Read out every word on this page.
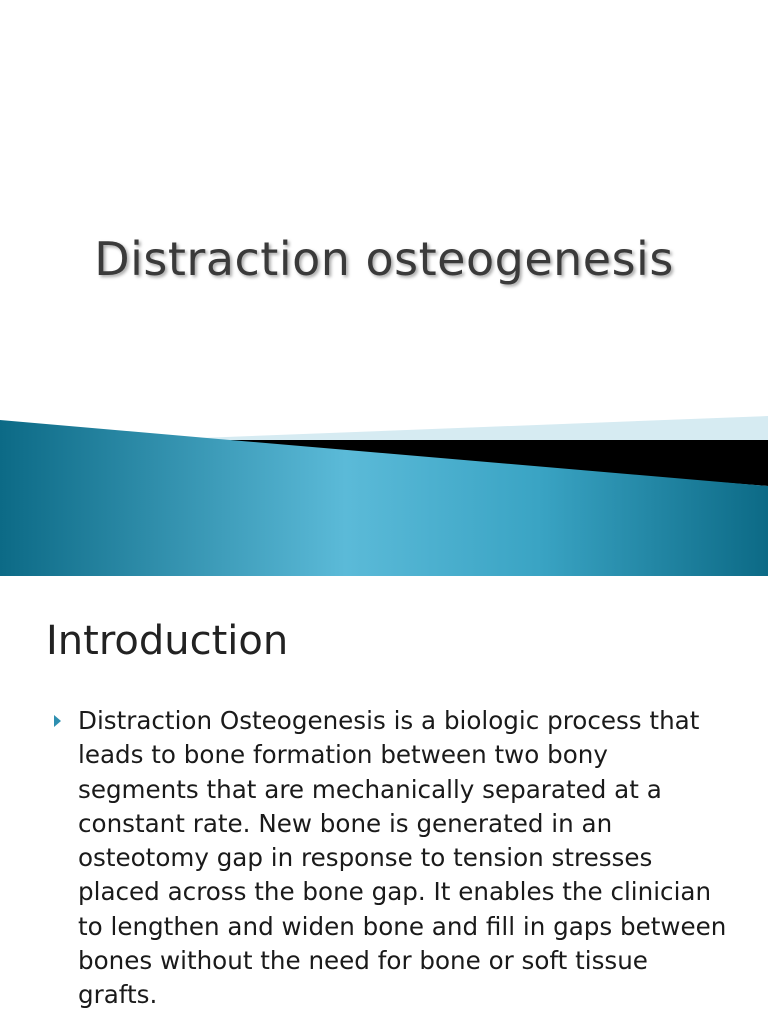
Distraction osteogenesis
Introduction
Distraction Osteogenesis is a biologic process that leads to bone formation between two bony segments that are mechanically separated at a constant rate. New bone is generated in an osteotomy gap in response to tension stresses placed across the bone gap. It enables the clinician to lengthen and widen bone and fill in gaps between bones without the need for bone or soft tissue grafts.
